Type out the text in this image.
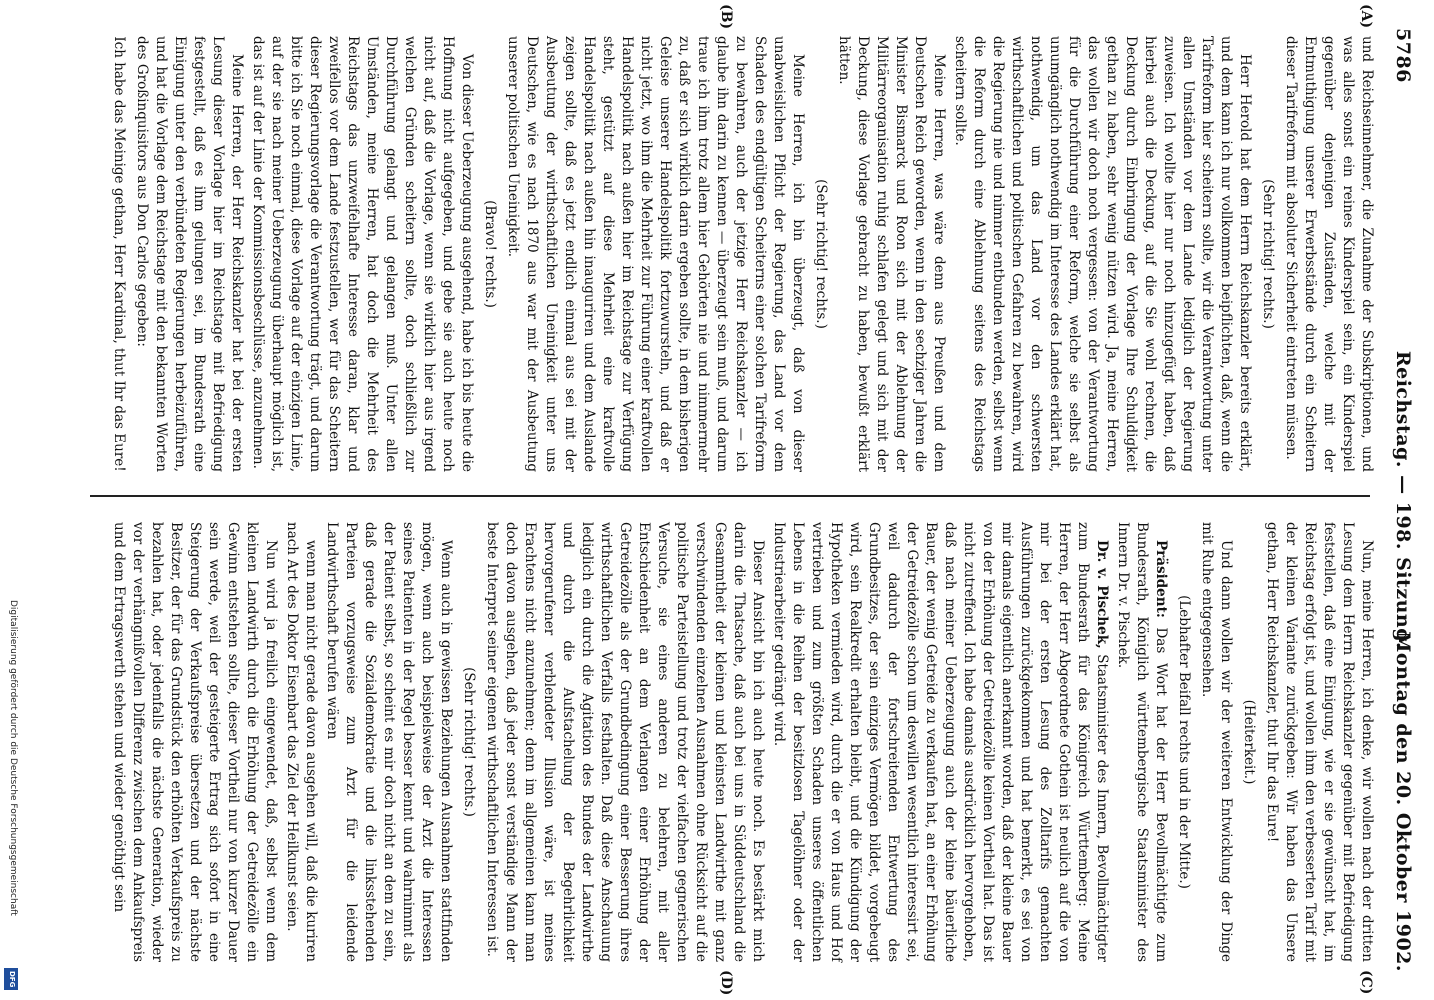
5786
Reichstag. — 198. Sitzung.
Montag den 20. Oktober 1902.
(A)
(B)
(C)
(D)

und Reichseinnehmer, die Zunahme der Subskriptionen, und was alles sonst ein reines Kinderspiel sein, ein Kinderspiel gegenüber denjenigen Zuständen, welche mit der Entmuthigung unserer Erwerbsstände durch ein Scheitern dieser Tarifreform mit absoluter Sicherheit eintreten müssen.

(Sehr richtig! rechts.)

Herr Herold hat dem Herrn Reichskanzler bereits erklärt, und dem kann ich nur vollkommen beipflichten, daß, wenn die Tarifreform hier scheitern sollte, wir die Verantwortung unter allen Umständen vor dem Lande lediglich der Regierung zuweisen. Ich wollte hier nur noch hinzugefügt haben, daß hierbei auch die Deckung, auf die Sie wohl rechnen, die Deckung durch Einbringung der Vorlage Ihre Schuldigkeit gethan zu haben, sehr wenig nützen wird. Ja, meine Herren, das wollen wir doch noch vergessen: von der Verantwortung für die Durchführung einer Reform, welche sie selbst als unumgänglich nothwendig im Interesse des Landes erklärt hat, nothwendig, um das Land vor den schwersten wirthschaftlichen und politischen Gefahren zu bewahren, wird die Regierung nie und nimmer entbunden werden, selbst wenn die Reform durch eine Ablehnung seitens des Reichstags scheitern sollte.

Meine Herren, was wäre denn aus Preußen und dem Deutschen Reich geworden, wenn in den sechziger Jahren die Minister Bismarck und Roon sich mit der Ablehnung der Militärreorganisation ruhig schlafen gelegt und sich mit der Deckung, diese Vorlage gebracht zu haben, bewußt erklärt hätten.

(Sehr richtig! rechts.)

Meine Herren, ich bin überzeugt, daß von dieser unabweislichen Pflicht der Regierung, das Land vor dem Schaden des endgültigen Scheiterns einer solchen Tarifreform zu bewahren, auch der jetzige Herr Reichskanzler — ich glaube ihn darin zu kennen — überzeugt sein muß, und darum traue ich ihm trotz allem hier Gehörten nie und nimmermehr zu, daß er sich wirklich darin ergeben sollte, in dem bisherigen Geleise unserer Handelspolitik fortzuwursteln, und daß er nicht jetzt, wo ihm die Mehrheit zur Führung einer kraftvollen Handelspolitik nach außen hier im Reichstage zur Verfügung steht, gestützt auf diese Mehrheit eine kraftvolle Handelspolitik nach außen hin inauguriren und dem Auslande zeigen sollte, daß es jetzt endlich einmal aus sei mit der Ausbeutung der wirthschaftlichen Uneinigkeit unter uns Deutschen, wie es nach 1870 aus war mit der Ausbeutung unserer politischen Uneinigkeit.

(Bravo! rechts.)

Von dieser Ueberzeugung ausgehend, habe ich bis heute die Hoffnung nicht aufgegeben, und gebe sie auch heute noch nicht auf, daß die Vorlage, wenn sie wirklich hier aus irgend welchen Gründen scheitern sollte, doch schließlich zur Durchführung gelangt und gelangen muß. Unter allen Umständen, meine Herren, hat doch die Mehrheit des Reichstags das unzweifelhafte Interesse daran, klar und zweifellos vor dem Lande festzustellen, wer für das Scheitern dieser Regierungsvorlage die Verantwortung trägt, und darum bitte ich Sie noch einmal, diese Vorlage auf der einzigen Linie, auf der sie nach meiner Ueberzeugung überhaupt möglich ist, das ist auf der Linie der Kommissionsbeschlüsse, anzunehmen.

Meine Herren, der Herr Reichskanzler hat bei der ersten Lesung dieser Vorlage hier im Reichstage mit Befriedigung festgestellt, daß es ihm gelungen sei, im Bundesrath eine Einigung unter den verbündeten Regierungen herbeizuführen, und hat die Vorlage dem Reichstage mit den bekannten Worten des Großinquisitors aus Don Carlos gegeben:

Ich habe das Meinige gethan, Herr Kardinal, thut Ihr das Eure!

Nun, meine Herren, ich denke, wir wollen nach der dritten Lesung dem Herrn Reichskanzler gegenüber mit Befriedigung feststellen, daß eine Einigung, wie er sie gewünscht hat, im Reichstag erfolgt ist, und wollen ihm den verbesserten Tarif mit der kleinen Variante zurückgeben: Wir haben das Unsere gethan, Herr Reichskanzler, thut Ihr das Eure!

(Heiterkeit.)

Und dann wollen wir der weiteren Entwicklung der Dinge mit Ruhe entgegensehen.

(Lebhafter Beifall rechts und in der Mitte.)

Präsident: Das Wort hat der Herr Bevollmächtigte zum Bundesrath, Königlich württembergische Staatsminister des Innern Dr. v. Pischek.

Dr. v. Pischek, Staatsminister des Innern, Bevollmächtigter zum Bundesrath für das Königreich Württemberg: Meine Herren, der Herr Abgeordnete Gothein ist neulich auf die von mir bei der ersten Lesung des Zolltarifs gemachten Ausführungen zurückgekommen und hat bemerkt, es sei von mir damals eigentlich anerkannt worden, daß der kleine Bauer von der Erhöhung der Getreidezölle keinen Vortheil hat. Das ist nicht zutreffend. Ich habe damals ausdrücklich hervorgehoben, daß nach meiner Ueberzeugung auch der kleine bäuerliche Bauer, der wenig Getreide zu verkaufen hat, an einer Erhöhung der Getreidezölle schon um deswillen wesentlich interessirt sei, weil dadurch der fortschreitenden Entwertung des Grundbesitzes, der sein einziges Vermögen bildet, vorgebeugt wird, sein Realkredit erhalten bleibt, und die Kündigung der Hypotheken vermieden wird, durch die er von Haus und Hof vertrieben und zum größten Schaden unseres öffentlichen Lebens in die Reihen der besitzlosen Tagelöhner oder der Industriearbeiter gedrängt wird.

Dieser Ansicht bin ich auch heute noch. Es bestärkt mich darin die Thatsache, daß auch bei uns in Süddeutschland die Gesammtheit der kleinen und kleinsten Landwirthe mit ganz verschwindenden einzelnen Ausnahmen ohne Rücksicht auf die politische Parteistellung und trotz der vielfachen gegnerischen Versuche, sie eines anderen zu belehren, mit aller Entschiedenheit an dem Verlangen einer Erhöhung der Getreidezölle als der Grundbedingung einer Besserung ihres wirthschaftlichen Verfalls festhalten. Daß diese Anschauung lediglich ein durch die Agitation des Bundes der Landwirthe und durch die Aufstachelung der Begehrlichkeit hervorgerufener verblendeter Illusion wäre, ist meines Erachtens nicht anzunehmen; denn im allgemeinen kann man doch davon ausgehen, daß jeder sonst verständige Mann der beste Interpret seiner eigenen wirthschaftlichen Interessen ist.

(Sehr richtig! rechts.)

Wenn auch in gewissen Beziehungen Ausnahmen stattfinden mögen, wenn auch beispielsweise der Arzt die Interessen seines Patienten in der Regel besser kennt und wahrnimmt als der Patient selbst, so scheint es mir doch nicht an dem zu sein, daß gerade die Sozialdemokratie und die linksstehenden Parteien vorzugsweise zum Arzt für die leidende Landwirthschaft berufen wären

wenn man nicht gerade davon ausgehen will, daß die kuriren nach Art des Doktor Eisenbart das Ziel der Heilkunst seien.

Nun wird ja freilich eingewendet, daß, selbst wenn dem kleinen Landwirth durch die Erhöhung der Getreidezölle ein Gewinn entstehen sollte, dieser Vortheil nur von kurzer Dauer sein werde, weil der gesteigerte Ertrag sich sofort in eine Steigerung der Verkaufspreise übersetzen und der nächste Besitzer, der für das Grundstück den erhöhten Verkaufspreis zu bezahlen hat, oder jedenfalls die nächste Generation, wieder vor der verhängnißvollen Differenz zwischen dem Ankaufspreis und dem Ertragswerth stehen und wieder genöthigt sein

Digitalisierung gefördert durch die Deutsche Forschungsgemeinschaft
DFG
